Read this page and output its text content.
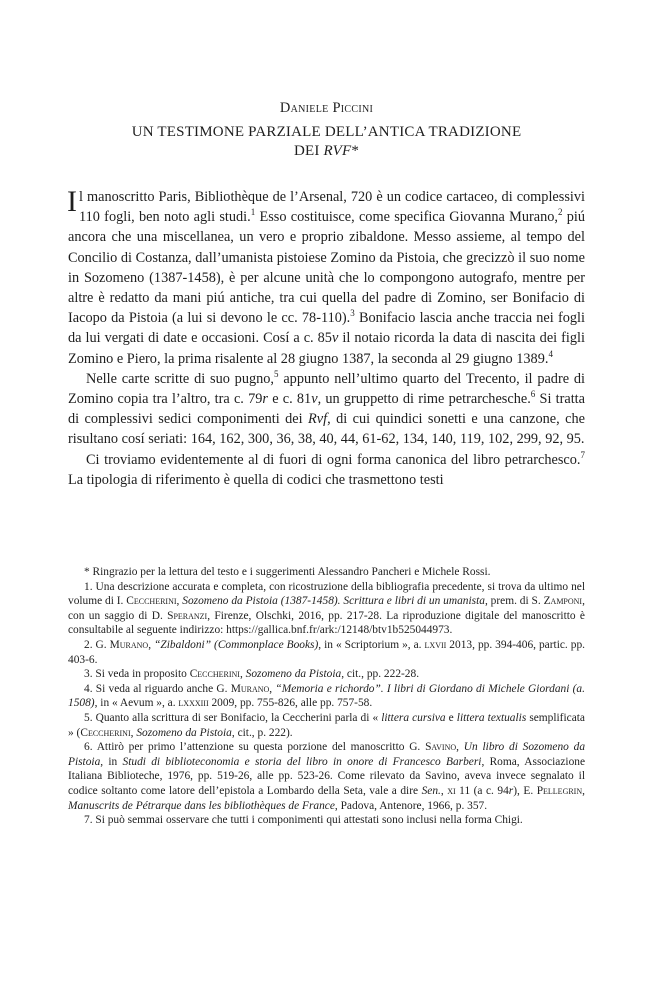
Daniele Piccini
UN TESTIMONE PARZIALE DELL’ANTICA TRADIZIONE
DEI RVF*

Il manoscritto Paris, Bibliothèque de l’Arsenal, 720 è un codice cartaceo, di complessivi 110 fogli, ben noto agli studi.$^1$ Esso costituisce, come specifica Giovanna Murano,$^2$ piú ancora che una miscellanea, un vero e proprio zibaldone. Messo assieme, al tempo del Concilio di Costanza, dall’umanista pistoiese Zomino da Pistoia, che grecizzò il suo nome in Sozomeno (1387-1458), è per alcune unità che lo compongono autografo, mentre per altre è redatto da mani piú antiche, tra cui quella del padre di Zomino, ser Bonifacio di Iacopo da Pistoia (a lui si devono le cc. 78-110).$^3$ Bonifacio lascia anche traccia nei fogli da lui vergati di date e occasioni. Cosí a c. 85v il notaio ricorda la data di nascita dei figli Zomino e Piero, la prima risalente al 28 giugno 1387, la seconda al 29 giugno 1389.$^4$

Nelle carte scritte di suo pugno,$^5$ appunto nell’ultimo quarto del Trecento, il padre di Zomino copia tra l’altro, tra c. 79r e c. 81v, un gruppetto di rime petrarchesche.$^6$ Si tratta di complessivi sedici componimenti dei Rvf, di cui quindici sonetti e una canzone, che risultano cosí seriati: 164, 162, 300, 36, 38, 40, 44, 61-62, 134, 140, 119, 102, 299, 92, 95.

Ci troviamo evidentemente al di fuori di ogni forma canonica del libro petrarchesco.$^7$ La tipologia di riferimento è quella di codici che trasmettono testi

* Ringrazio per la lettura del testo e i suggerimenti Alessandro Pancheri e Michele Rossi.

1. Una descrizione accurata e completa, con ricostruzione della bibliografia precedente, si trova da ultimo nel volume di I. Ceccherini, Sozomeno da Pistoia (1387-1458). Scrittura e libri di un umanista, prem. di S. Zamponi, con un saggio di D. Speranzi, Firenze, Olschki, 2016, pp. 217-28. La riproduzione digitale del manoscritto è consultabile al seguente indirizzo: https://gallica.bnf.fr/ark:/12148/btv1b525044973.

2. G. Murano, “Zibaldoni” (Commonplace Books), in « Scriptorium », a. lxvii 2013, pp. 394-406, partic. pp. 403-6.

3. Si veda in proposito Ceccherini, Sozomeno da Pistoia, cit., pp. 222-28.

4. Si veda al riguardo anche G. Murano, “Memoria e richordo”. I libri di Giordano di Michele Giordani (a. 1508), in « Aevum », a. lxxxiii 2009, pp. 755-826, alle pp. 757-58.

5. Quanto alla scrittura di ser Bonifacio, la Ceccherini parla di « littera cursiva e littera textualis semplificata » (Ceccherini, Sozomeno da Pistoia, cit., p. 222).

6. Attirò per primo l’attenzione su questa porzione del manoscritto G. Savino, Un libro di Sozomeno da Pistoia, in Studi di biblioteconomia e storia del libro in onore di Francesco Barberi, Roma, Associazione Italiana Biblioteche, 1976, pp. 519-26, alle pp. 523-26. Come rilevato da Savino, aveva invece segnalato il codice soltanto come latore dell’epistola a Lombardo della Seta, vale a dire Sen., xi 11 (a c. 94r), E. Pellegrin, Manuscrits de Pétrarque dans les bibliothèques de France, Padova, Antenore, 1966, p. 357.

7. Si può semmai osservare che tutti i componimenti qui attestati sono inclusi nella forma Chigi.
